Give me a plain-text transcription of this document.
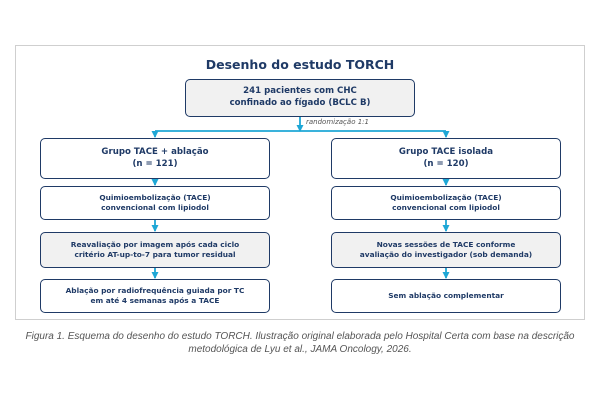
Desenho do estudo TORCH
241 pacientes com CHC
confinado ao fígado (BCLC B)
randomização 1:1
Grupo TACE + ablação
(n = 121)
Quimioembolização (TACE)
convencional com lipiodol
Reavaliação por imagem após cada ciclo
critério AT-up-to-7 para tumor residual
Ablação por radiofrequência guiada por TC
em até 4 semanas após a TACE
Grupo TACE isolada
(n = 120)
Quimioembolização (TACE)
convencional com lipiodol
Novas sessões de TACE conforme
avaliação do investigador (sob demanda)
Sem ablação complementar
Figura 1. Esquema do desenho do estudo TORCH. Ilustração original elaborada pelo Hospital Certa com base na descrição metodológica de Lyu et al., JAMA Oncology, 2026.
